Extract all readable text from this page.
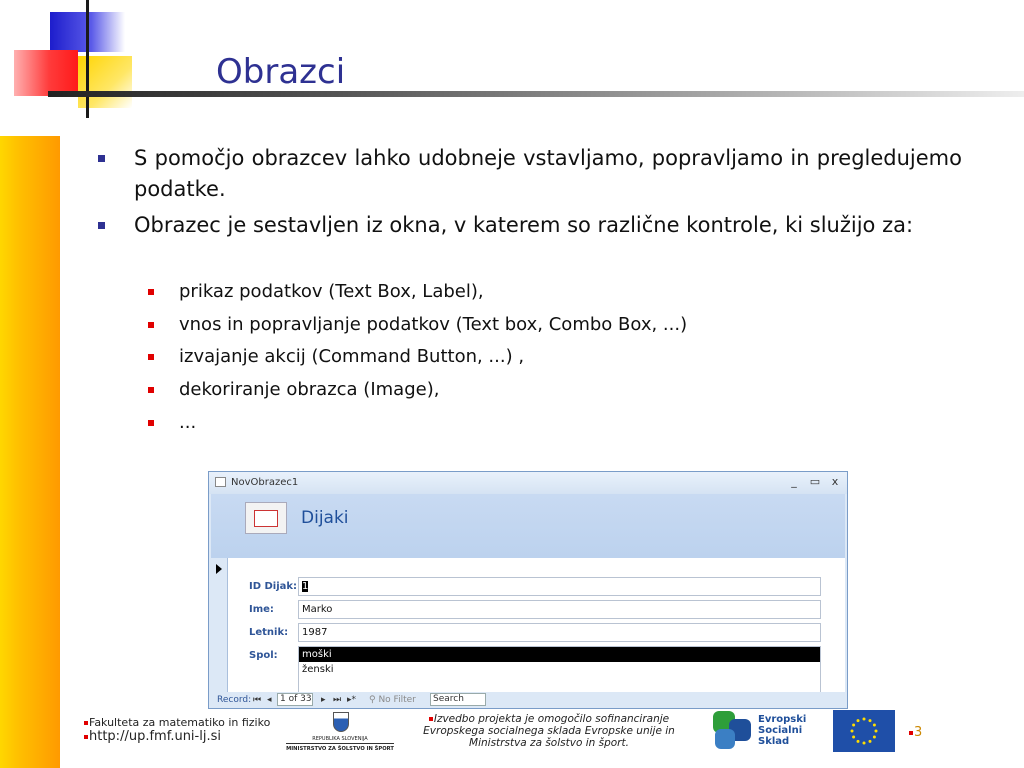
Obrazci
S pomočjo obrazcev lahko udobneje vstavljamo, popravljamo in pregledujemo podatke.
Obrazec je sestavljen iz okna, v katerem so različne kontrole, ki služijo za:
prikaz podatkov (Text Box, Label),
vnos in popravljanje podatkov (Text box, Combo Box, ...)
izvajanje akcij (Command Button, ...) ,
dekoriranje obrazca (Image),
...
NovObrazec1	_	▭	x
Dijaki
ID Dijak: 1
Ime:	Marko
Letnik:	1987
Spol:	moški
ženski
Record: ⏮ ◂ 1 of 33 ▸ ⏭ ▸* ⚲ No Filter	Search
Fakulteta za matematiko in fiziko
http://up.fmf.uni-lj.si	REPUBLIKA SLOVENIJA
MINISTRSTVO ZA ŠOLSTVO IN ŠPORT
Izvedbo projekta je omogočilo sofinanciranje Evropskega socialnega sklada Evropske unije in Ministrstva za šolstvo in šport.
Evropski
Socialni
Sklad
3
